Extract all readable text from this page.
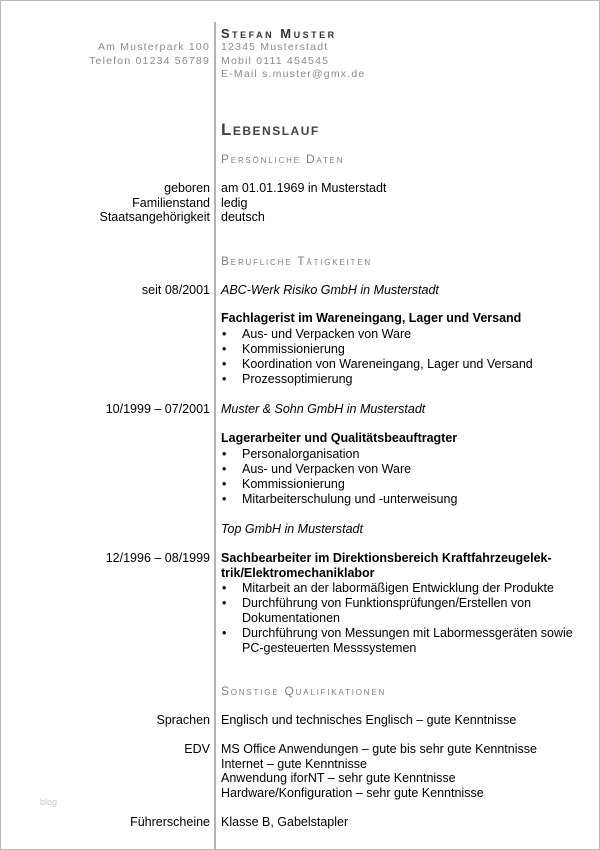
Stefan Muster
Am Musterpark 100
Telefon 01234 56789
12345 Musterstadt
Mobil 0111 454545
E-Mail s.muster@gmx.de
Lebenslauf
Persönliche Daten
geboren
Familienstand
Staatsangehörigkeit
am 01.01.1969 in Musterstadt
ledig
deutsch
Berufliche Tätigkeiten
seit 08/2001 ABC-Werk Risiko GmbH in Musterstadt
Fachlagerist im Wareneingang, Lager und Versand
• Aus- und Verpacken von Ware
• Kommissionierung
• Koordination von Wareneingang, Lager und Versand
• Prozessoptimierung
10/1999 – 07/2001 Muster & Sohn GmbH in Musterstadt
Lagerarbeiter und Qualitätsbeauftragter
• Personalorganisation
• Aus- und Verpacken von Ware
• Kommissionierung
• Mitarbeiterschulung und -unterweisung
Top GmbH in Musterstadt
12/1996 – 08/1999 Sachbearbeiter im Direktionsbereich Kraftfahrzeugelek-
trik/Elektromechaniklabor
• Mitarbeit an der labormäßigen Entwicklung der Produkte
• Durchführung von Funktionsprüfungen/Erstellen von Dokumentationen
• Durchführung von Messungen mit Labormessgeräten sowie PC-gesteuerten Messsystemen
Sonstige Qualifikationen
Sprachen Englisch und technisches Englisch – gute Kenntnisse
EDV MS Office Anwendungen – gute bis sehr gute Kenntnisse
Internet – gute Kenntnisse
Anwendung iforNT – sehr gute Kenntnisse
Hardware/Konfiguration – sehr gute Kenntnisse
Führerscheine Klasse B, Gabelstapler
blog
